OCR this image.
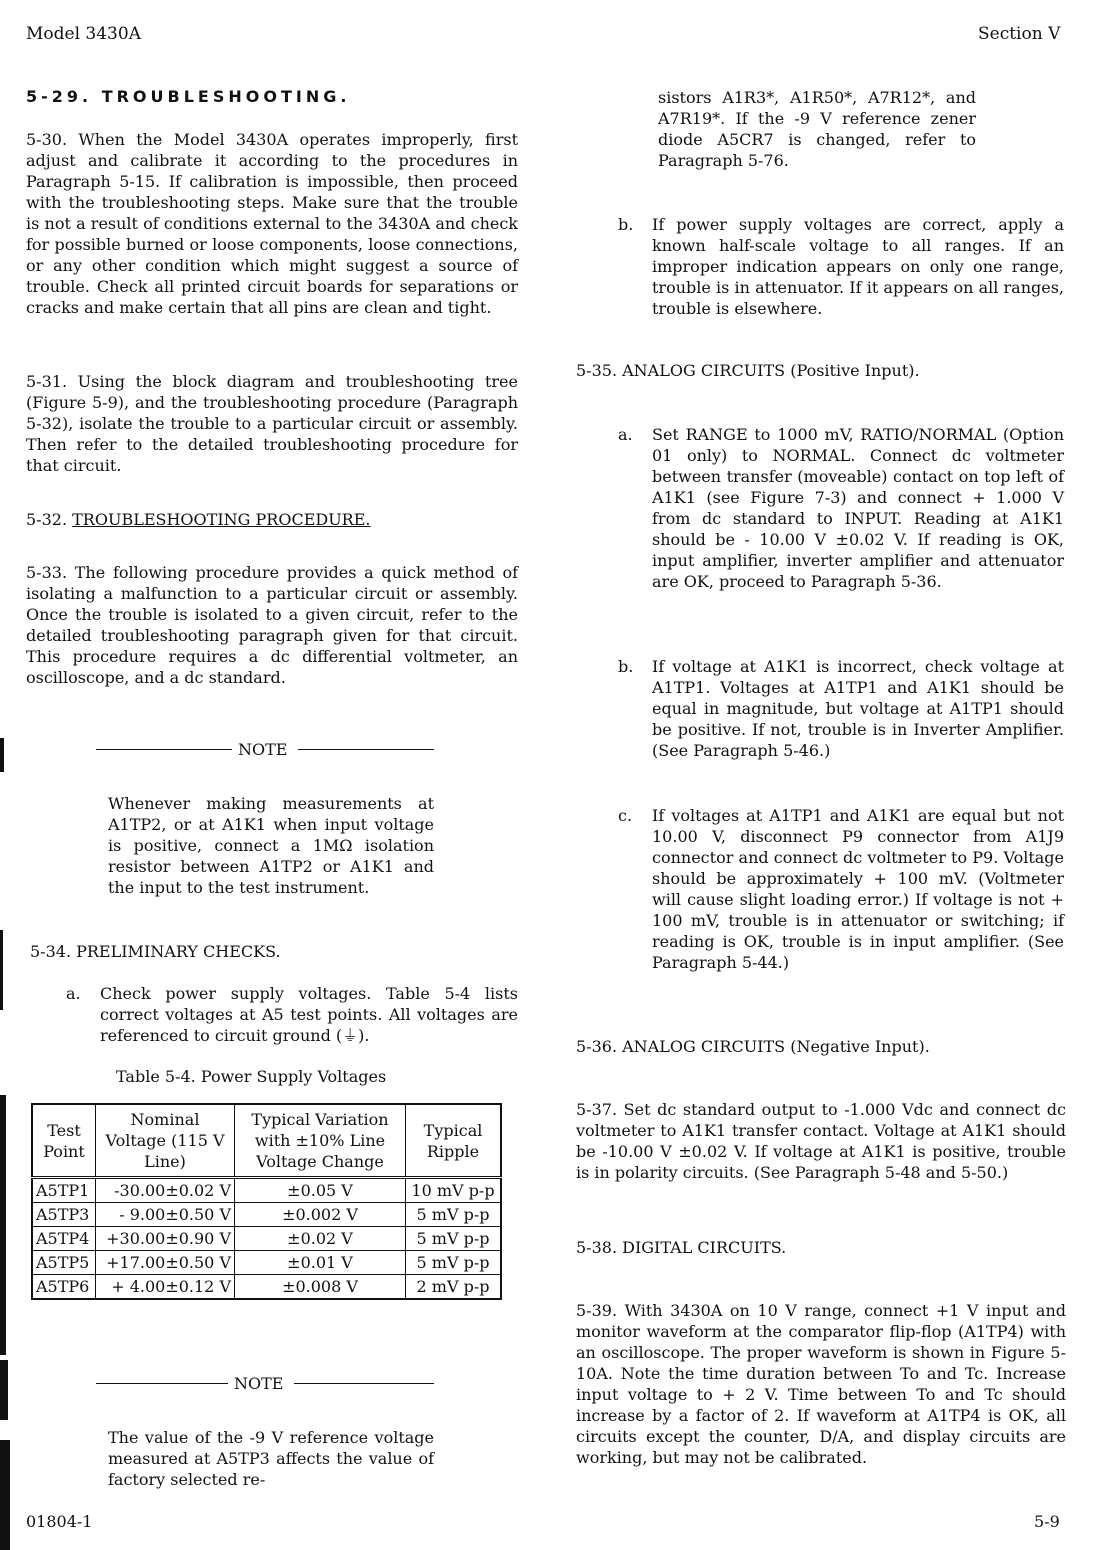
Model 3430A	Section V
5-29. TROUBLESHOOTING.

5-30. When the Model 3430A operates improperly, first adjust and calibrate it according to the procedures in Paragraph 5-15. If calibration is impossible, then proceed with the troubleshooting steps. Make sure that the trouble is not a result of conditions external to the 3430A and check for possible burned or loose components, loose connections, or any other condition which might suggest a source of trouble. Check all printed circuit boards for separations or cracks and make certain that all pins are clean and tight.

5-31. Using the block diagram and troubleshooting tree (Figure 5-9), and the troubleshooting procedure (Paragraph 5-32), isolate the trouble to a particular circuit or assembly. Then refer to the detailed troubleshooting procedure for that circuit.

5-32. TROUBLESHOOTING PROCEDURE.

5-33. The following procedure provides a quick method of isolating a malfunction to a particular circuit or assembly. Once the trouble is isolated to a given circuit, refer to the detailed troubleshooting paragraph given for that circuit. This procedure requires a dc differential voltmeter, an oscilloscope, and a dc standard.

NOTE

Whenever making measurements at A1TP2, or at A1K1 when input voltage is positive, connect a 1MΩ isolation resistor between A1TP2 or A1K1 and the input to the test instrument.

5-34. PRELIMINARY CHECKS.
a. Check power supply voltages. Table 5-4 lists correct voltages at A5 test points. All voltages are referenced to circuit ground (⏚).

Table 5-4. Power Supply Voltages
Test Point	Nominal Voltage (115 V Line)	Typical Variation with ±10% Line Voltage Change	Typical Ripple
A5TP1	-30.00±0.02 V	±0.05 V	10 mV p-p
A5TP3	- 9.00±0.50 V	±0.002 V	5 mV p-p
A5TP4	+30.00±0.90 V	±0.02 V	5 mV p-p
A5TP5	+17.00±0.50 V	±0.01 V	5 mV p-p
A5TP6	+ 4.00±0.12 V	±0.008 V	2 mV p-p
NOTE

The value of the -9 V reference voltage measured at A5TP3 affects the value of factory selected re-

sistors A1R3*, A1R50*, A7R12*, and A7R19*. If the -9 V reference zener diode A5CR7 is changed, refer to Paragraph 5-76.

b. If power supply voltages are correct, apply a known half-scale voltage to all ranges. If an improper indication appears on only one range, trouble is in attenuator. If it appears on all ranges, trouble is elsewhere.

5-35. ANALOG CIRCUITS (Positive Input).
a. Set RANGE to 1000 mV, RATIO/NORMAL (Option 01 only) to NORMAL. Connect dc voltmeter between transfer (moveable) contact on top left of A1K1 (see Figure 7-3) and connect + 1.000 V from dc standard to INPUT. Reading at A1K1 should be - 10.00 V ±0.02 V. If reading is OK, input amplifier, inverter amplifier and attenuator are OK, proceed to Paragraph 5-36.

b. If voltage at A1K1 is incorrect, check voltage at A1TP1. Voltages at A1TP1 and A1K1 should be equal in magnitude, but voltage at A1TP1 should be positive. If not, trouble is in Inverter Amplifier. (See Paragraph 5-46.)

c. If voltages at A1TP1 and A1K1 are equal but not 10.00 V, disconnect P9 connector from A1J9 connector and connect dc voltmeter to P9. Voltage should be approximately + 100 mV. (Voltmeter will cause slight loading error.) If voltage is not + 100 mV, trouble is in attenuator or switching; if reading is OK, trouble is in input amplifier. (See Paragraph 5-44.)

5-36. ANALOG CIRCUITS (Negative Input).

5-37. Set dc standard output to -1.000 Vdc and connect dc voltmeter to A1K1 transfer contact. Voltage at A1K1 should be -10.00 V ±0.02 V. If voltage at A1K1 is positive, trouble is in polarity circuits. (See Paragraph 5-48 and 5-50.)

5-38. DIGITAL CIRCUITS.

5-39. With 3430A on 10 V range, connect +1 V input and monitor waveform at the comparator flip-flop (A1TP4) with an oscilloscope. The proper waveform is shown in Figure 5-10A. Note the time duration between To and Tc. Increase input voltage to + 2 V. Time between To and Tc should increase by a factor of 2. If waveform at A1TP4 is OK, all circuits except the counter, D/A, and display circuits are working, but may not be calibrated.

01804-1	5-9
